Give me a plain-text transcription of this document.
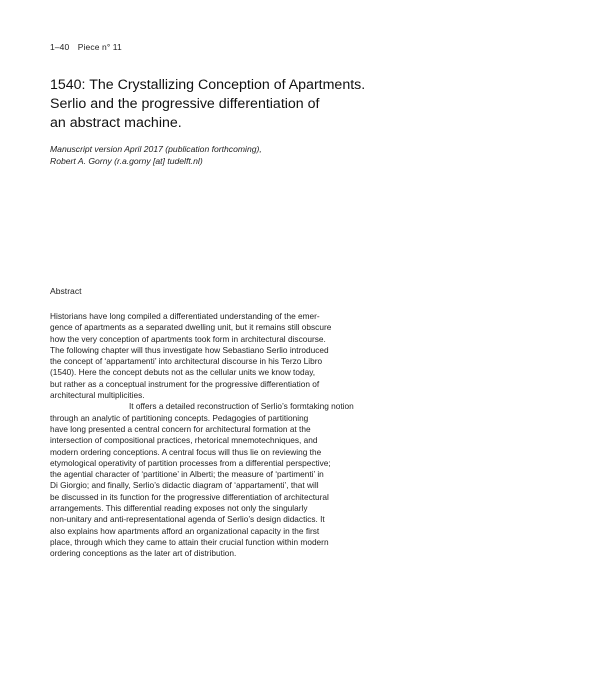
1–40 Piece n° 11
1540: The Crystallizing Conception of Apartments.
Serlio and the progressive differentiation of
an abstract machine.
Manuscript version April 2017 (publication forthcoming),
Robert A. Gorny (r.a.gorny [at] tudelft.nl)
Abstract
Historians have long compiled a differentiated understanding of the emer-
gence of apartments as a separated dwelling unit, but it remains still obscure
how the very conception of apartments took form in architectural discourse.
The following chapter will thus investigate how Sebastiano Serlio introduced
the concept of ‘appartamenti’ into architectural discourse in his Terzo Libro
(1540). Here the concept debuts not as the cellular units we know today,
but rather as a conceptual instrument for the progressive differentiation of
architectural multiplicities.
It offers a detailed reconstruction of Serlio’s formtaking notion
through an analytic of partitioning concepts. Pedagogies of partitioning
have long presented a central concern for architectural formation at the
intersection of compositional practices, rhetorical mnemotechniques, and
modern ordering conceptions. A central focus will thus lie on reviewing the
etymological operativity of partition processes from a differential perspective;
the agential character of ‘partitione’ in Alberti; the measure of ‘partimenti’ in
Di Giorgio; and finally, Serlio’s didactic diagram of ‘appartamenti’, that will
be discussed in its function for the progressive differentiation of architectural
arrangements. This differential reading exposes not only the singularly
non-unitary and anti-representational agenda of Serlio’s design didactics. It
also explains how apartments afford an organizational capacity in the first
place, through which they came to attain their crucial function within modern
ordering conceptions as the later art of distribution.
